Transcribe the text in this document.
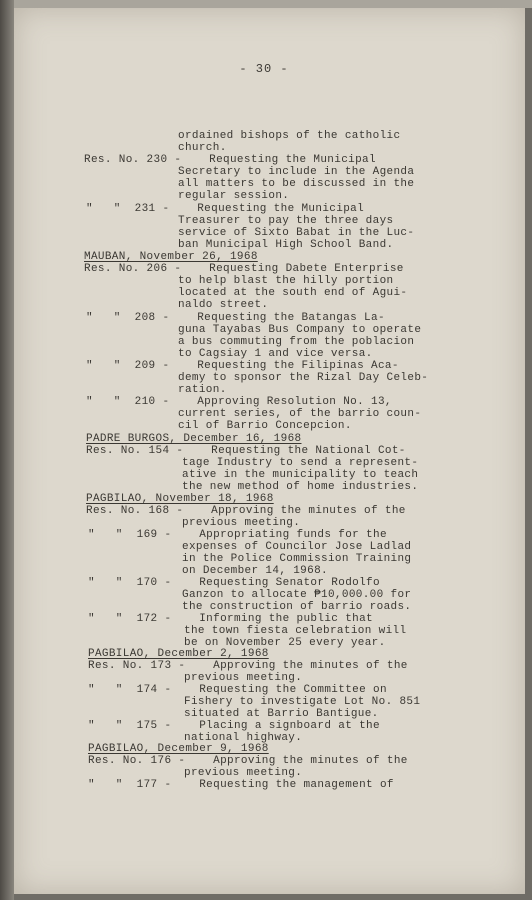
- 30 -
ordained bishops of the catholic
church.
Res. No. 230 -    Requesting the Municipal
Secretary to include in the Agenda
all matters to be discussed in the
regular session.
"   "  231 -    Requesting the Municipal
Treasurer to pay the three days
service of Sixto Babat in the Luc-
ban Municipal High School Band.
MAUBAN, November 26, 1968
Res. No. 206 -    Requesting Dabete Enterprise
to help blast the hilly portion
located at the south end of Agui-
naldo street.
"   "  208 -    Requesting the Batangas La-
guna Tayabas Bus Company to operate
a bus commuting from the poblacion
to Cagsiay 1 and vice versa.
"   "  209 -    Requesting the Filipinas Aca-
demy to sponsor the Rizal Day Celeb-
ration.
"   "  210 -    Approving Resolution No. 13,
current series, of the barrio coun-
cil of Barrio Concepcion.
PADRE BURGOS, December 16, 1968
Res. No. 154 -    Requesting the National Cot-
tage Industry to send a represent-
ative in the municipality to teach
the new method of home industries.
PAGBILAO, November 18, 1968
Res. No. 168 -    Approving the minutes of the
previous meeting.
"   "  169 -    Appropriating funds for the
expenses of Councilor Jose Ladlad
in the Police Commission Training
on December 14, 1968.
"   "  170 -    Requesting Senator Rodolfo
Ganzon to allocate ₱10,000.00 for
the construction of barrio roads.
"   "  172 -    Informing the public that
the town fiesta celebration will
be on November 25 every year.
PAGBILAO, December 2, 1968
Res. No. 173 -    Approving the minutes of the
previous meeting.
"   "  174 -    Requesting the Committee on
Fishery to investigate Lot No. 851
situated at Barrio Bantigue.
"   "  175 -    Placing a signboard at the
national highway.
PAGBILAO, December 9, 1968
Res. No. 176 -    Approving the minutes of the
previous meeting.
"   "  177 -    Requesting the management of
